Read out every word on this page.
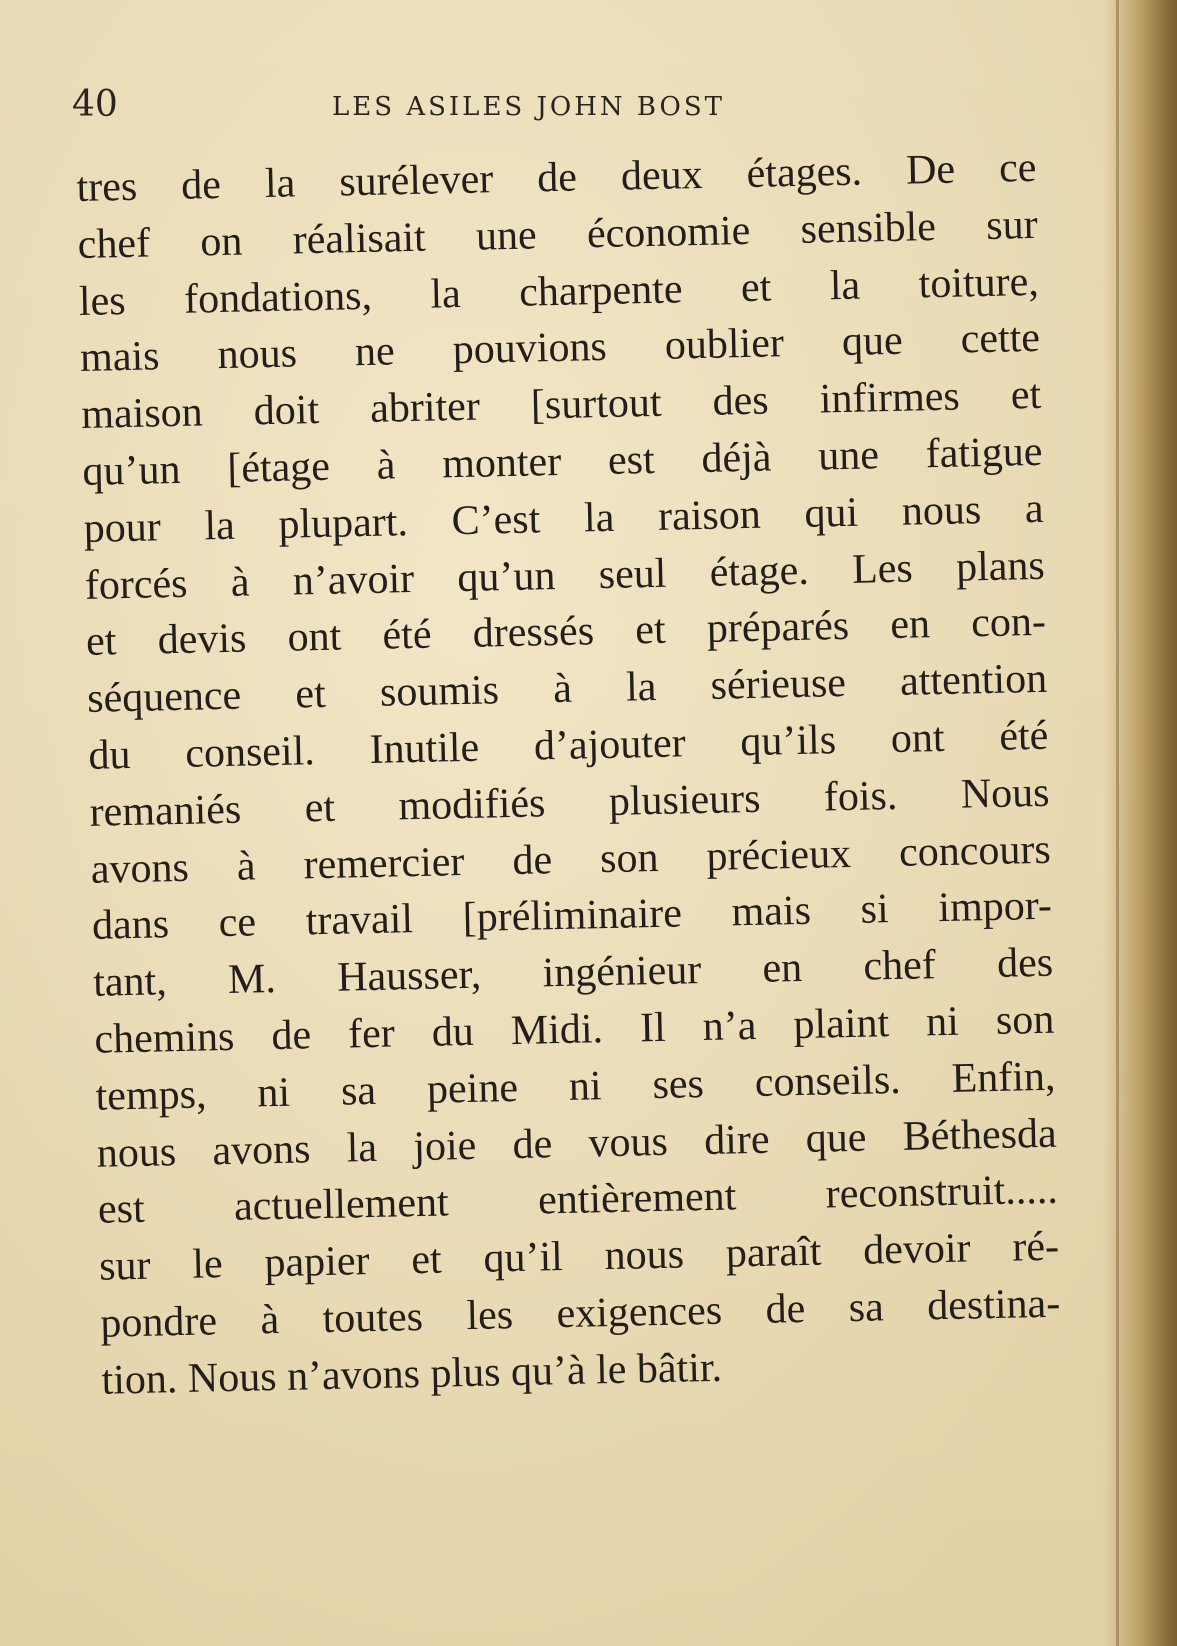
40	LES ASILES JOHN BOST
tres de la surélever de deux étages. De ce
chef on réalisait une économie sensible sur
les fondations, la charpente et la toiture,
mais nous ne pouvions oublier que cette
maison doit abriter [surtout des infirmes et
qu’un [étage à monter est déjà une fatigue
pour la plupart. C’est la raison qui nous a
forcés à n’avoir qu’un seul étage. Les plans
et devis ont été dressés et préparés en con-
séquence et soumis à la sérieuse attention
du conseil. Inutile d’ajouter qu’ils ont été
remaniés et modifiés plusieurs fois. Nous
avons à remercier de son précieux concours
dans ce travail [préliminaire mais si impor-
tant, M. Hausser, ingénieur en chef des
chemins de fer du Midi. Il n’a plaint ni son
temps, ni sa peine ni ses conseils. Enfin,
nous avons la joie de vous dire que Béthesda
est actuellement entièrement reconstruit.....
sur le papier et qu’il nous paraît devoir ré-
pondre à toutes les exigences de sa destina-
tion. Nous n’avons plus qu’à le bâtir.
